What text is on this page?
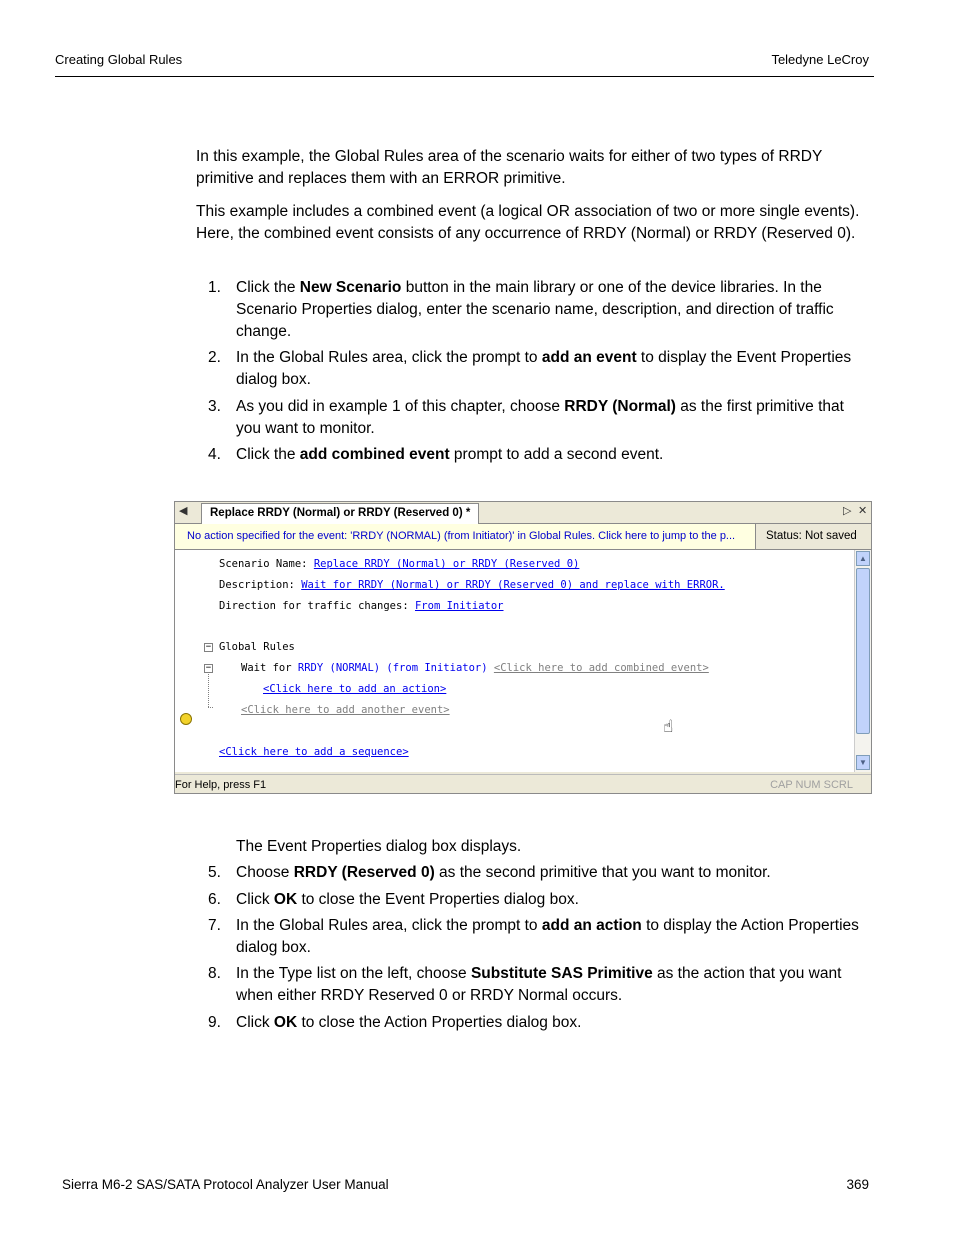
Creating Global Rules	Teledyne LeCroy

In this example, the Global Rules area of the scenario waits for either of two types of RRDY primitive and replaces them with an ERROR primitive.

This example includes a combined event (a logical OR association of two or more single events). Here, the combined event consists of any occurrence of RRDY (Normal) or RRDY (Reserved 0).

1. Click the New Scenario button in the main library or one of the device libraries. In the Scenario Properties dialog, enter the scenario name, description, and direction of traffic change.
2. In the Global Rules area, click the prompt to add an event to display the Event Properties dialog box.
3. As you did in example 1 of this chapter, choose RRDY (Normal) as the first primitive that you want to monitor.
4. Click the add combined event prompt to add a second event.
◀	Replace RRDY (Normal) or RRDY (Reserved 0) *	▷ ✕
No action specified for the event: 'RRDY (NORMAL) (from Initiator)' in Global Rules. Click here to jump to the p...	Status: Not saved
Scenario Name: Replace RRDY (Normal) or RRDY (Reserved 0)
Description: Wait for RRDY (Normal) or RRDY (Reserved 0) and replace with ERROR.
Direction for traffic changes: From Initiator
− Global Rules
−	Wait for RRDY (NORMAL) (from Initiator) <Click here to add combined event>
<Click here to add an action>
<Click here to add another event>
<Click here to add a sequence>
☝
▲
▼
For Help, press F1	CAP NUM SCRL
The Event Properties dialog box displays.
5. Choose RRDY (Reserved 0) as the second primitive that you want to monitor.
6. Click OK to close the Event Properties dialog box.
7. In the Global Rules area, click the prompt to add an action to display the Action Properties dialog box.
8. In the Type list on the left, choose Substitute SAS Primitive as the action that you want when either RRDY Reserved 0 or RRDY Normal occurs.
9. Click OK to close the Action Properties dialog box.
Sierra M6-2 SAS/SATA Protocol Analyzer User Manual	369
